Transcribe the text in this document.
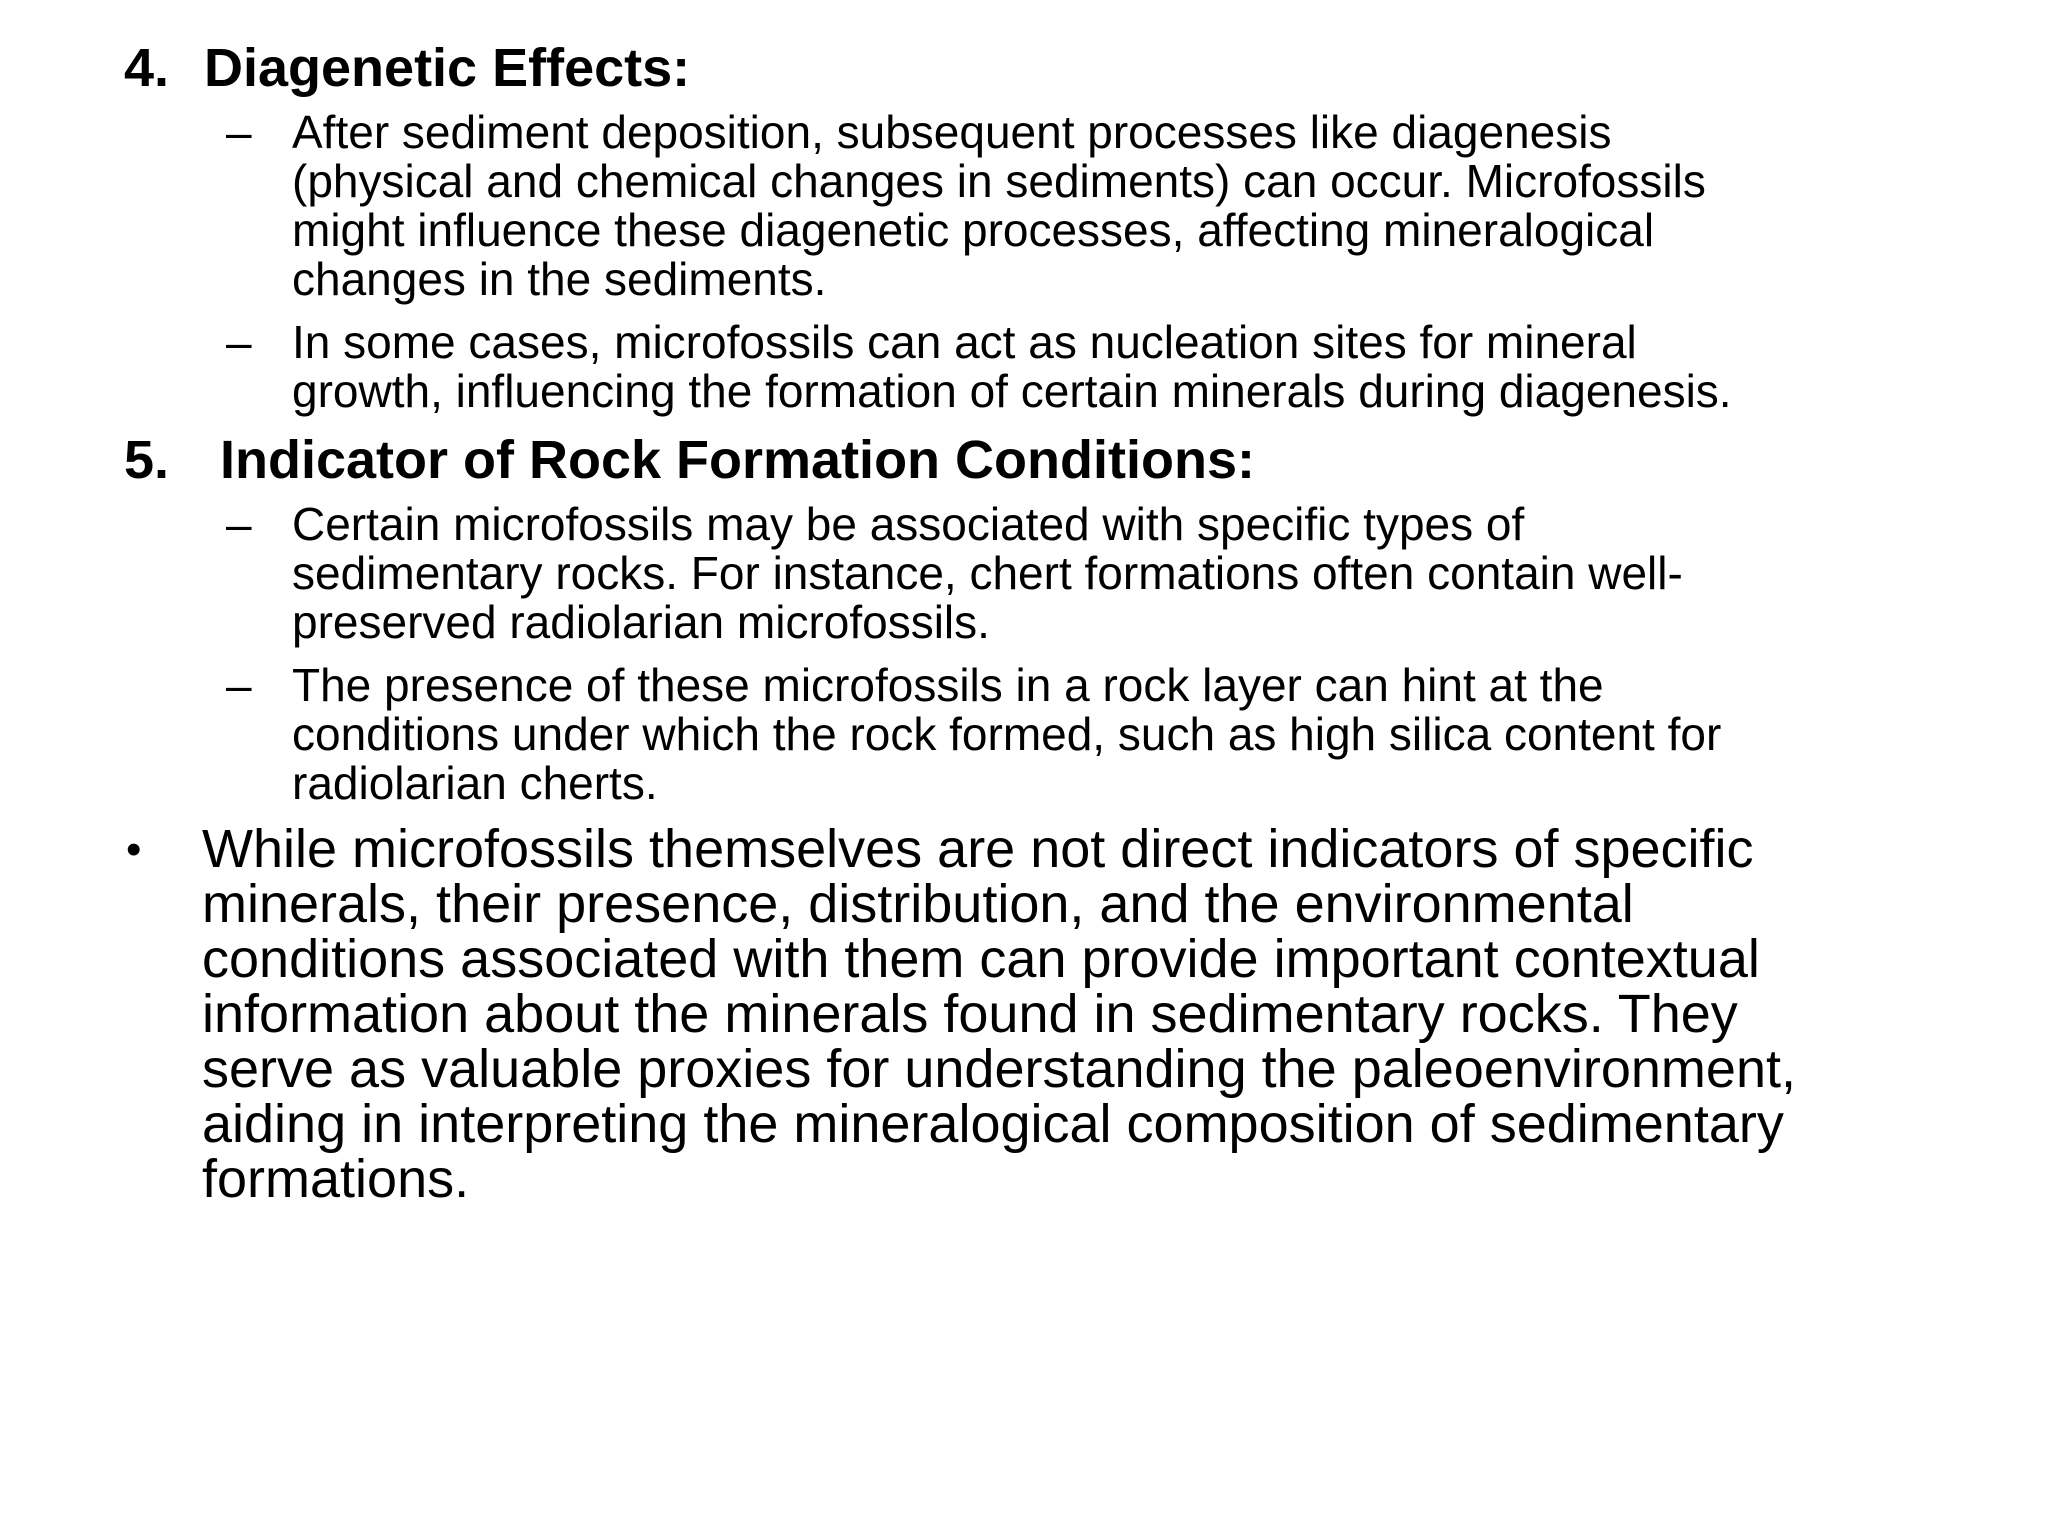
4. Diagenetic Effects:
– After sediment deposition, subsequent processes like diagenesis
(physical and chemical changes in sediments) can occur. Microfossils
might influence these diagenetic processes, affecting mineralogical
changes in the sediments.
– In some cases, microfossils can act as nucleation sites for mineral
growth, influencing the formation of certain minerals during diagenesis.
5. Indicator of Rock Formation Conditions:
– Certain microfossils may be associated with specific types of
sedimentary rocks. For instance, chert formations often contain well-
preserved radiolarian microfossils.
– The presence of these microfossils in a rock layer can hint at the
conditions under which the rock formed, such as high silica content for
radiolarian cherts.
• While microfossils themselves are not direct indicators of specific
minerals, their presence, distribution, and the environmental
conditions associated with them can provide important contextual
information about the minerals found in sedimentary rocks. They
serve as valuable proxies for understanding the paleoenvironment,
aiding in interpreting the mineralogical composition of sedimentary
formations.
